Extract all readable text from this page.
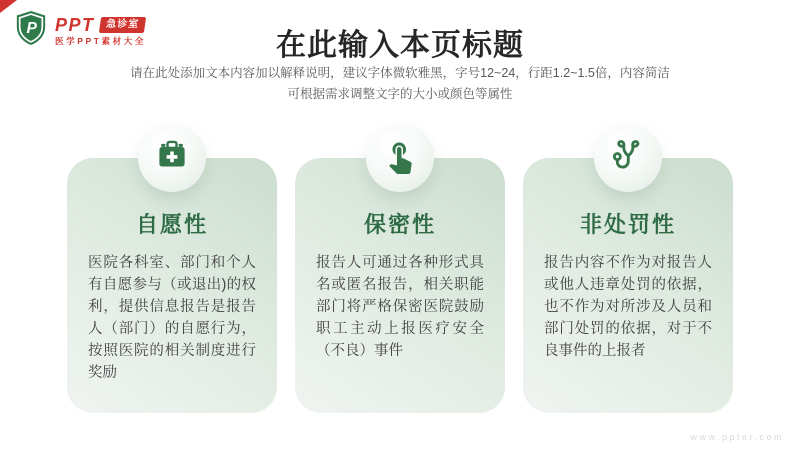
P PPT	急诊室
医学PPT素材大全	在此输入本页标题
请在此处添加文本内容加以解释说明，建议字体微软雅黑，字号12~24，行距1.2~1.5倍，内容简洁
可根据需求调整文字的大小或颜色等属性
自愿性
医院各科室、部门和个人有自愿参与（或退出)的权利，提供信息报告是报告人（部门）的自愿行为，按照医院的相关制度进行奖励
保密性
报告人可通过各种形式具名或匿名报告，相关职能部门将严格保密医院鼓励职工主动上报医疗安全（不良）事件
非处罚性
报告内容不作为对报告人或他人违章处罚的依据，也不作为对所涉及人员和部门处罚的依据，对于不良事件的上报者
www.ppter.com
